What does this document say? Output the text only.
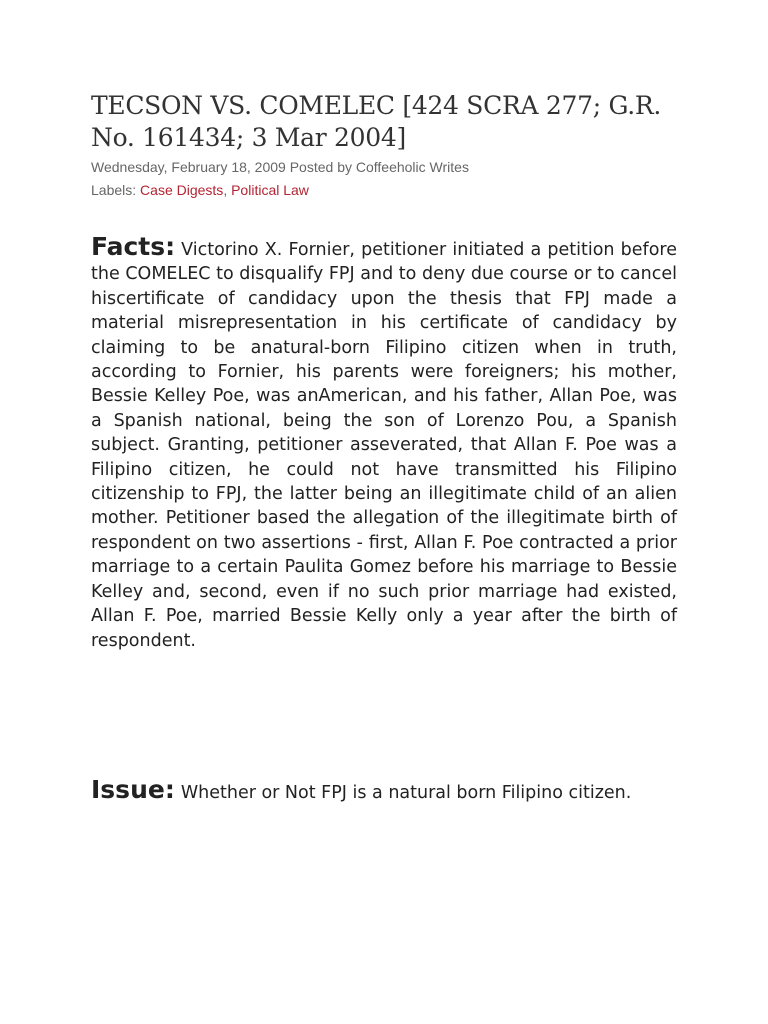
TECSON VS. COMELEC [424 SCRA 277; G.R. No. 161434; 3 Mar 2004]
Wednesday, February 18, 2009 Posted by Coffeeholic Writes
Labels: Case Digests, Political Law

Facts: Victorino X. Fornier, petitioner initiated a petition before the COMELEC to disqualify FPJ and to deny due course or to cancel hiscertificate of candidacy upon the thesis that FPJ made a material misrepresentation in his certificate of candidacy by claiming to be anatural-born Filipino citizen when in truth, according to Fornier, his parents were foreigners; his mother, Bessie Kelley Poe, was anAmerican, and his father, Allan Poe, was a Spanish national, being the son of Lorenzo Pou, a Spanish subject. Granting, petitioner asseverated, that Allan F. Poe was a Filipino citizen, he could not have transmitted his Filipino citizenship to FPJ, the latter being an illegitimate child of an alien mother. Petitioner based the allegation of the illegitimate birth of respondent on two assertions - first, Allan F. Poe contracted a prior marriage to a certain Paulita Gomez before his marriage to Bessie Kelley and, second, even if no such prior marriage had existed, Allan F. Poe, married Bessie Kelly only a year after the birth of respondent.

Issue: Whether or Not FPJ is a natural born Filipino citizen.
